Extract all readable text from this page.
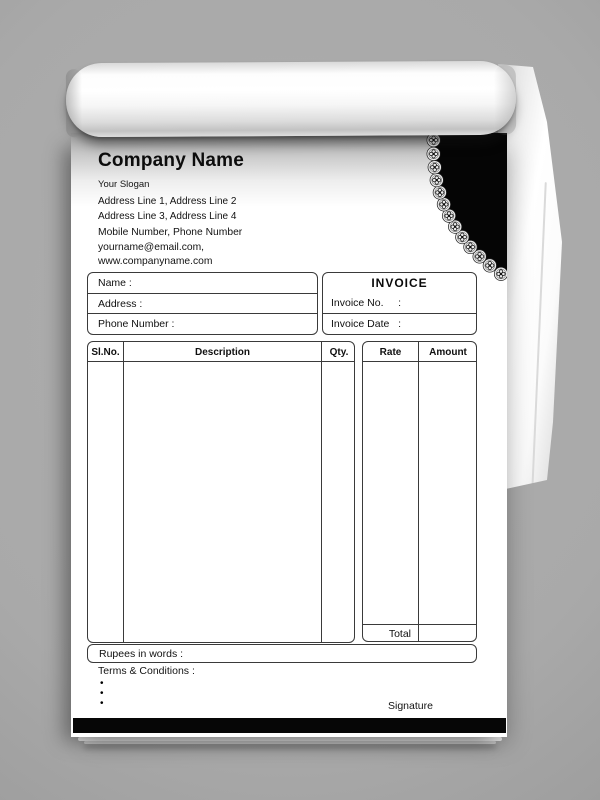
Company Name
Your Slogan
Address Line 1, Address Line 2
Address Line 3, Address Line 4
Mobile Number, Phone Number
yourname@email.com,
www.companyname.com
Name :
Address :
Phone Number :
INVOICE
Invoice No.     :
Invoice Date   :
Sl.No.	Description	Qty.	Rate	Amount
Total
Rupees in words :
Terms & Conditions :
•
•
•	Signature
